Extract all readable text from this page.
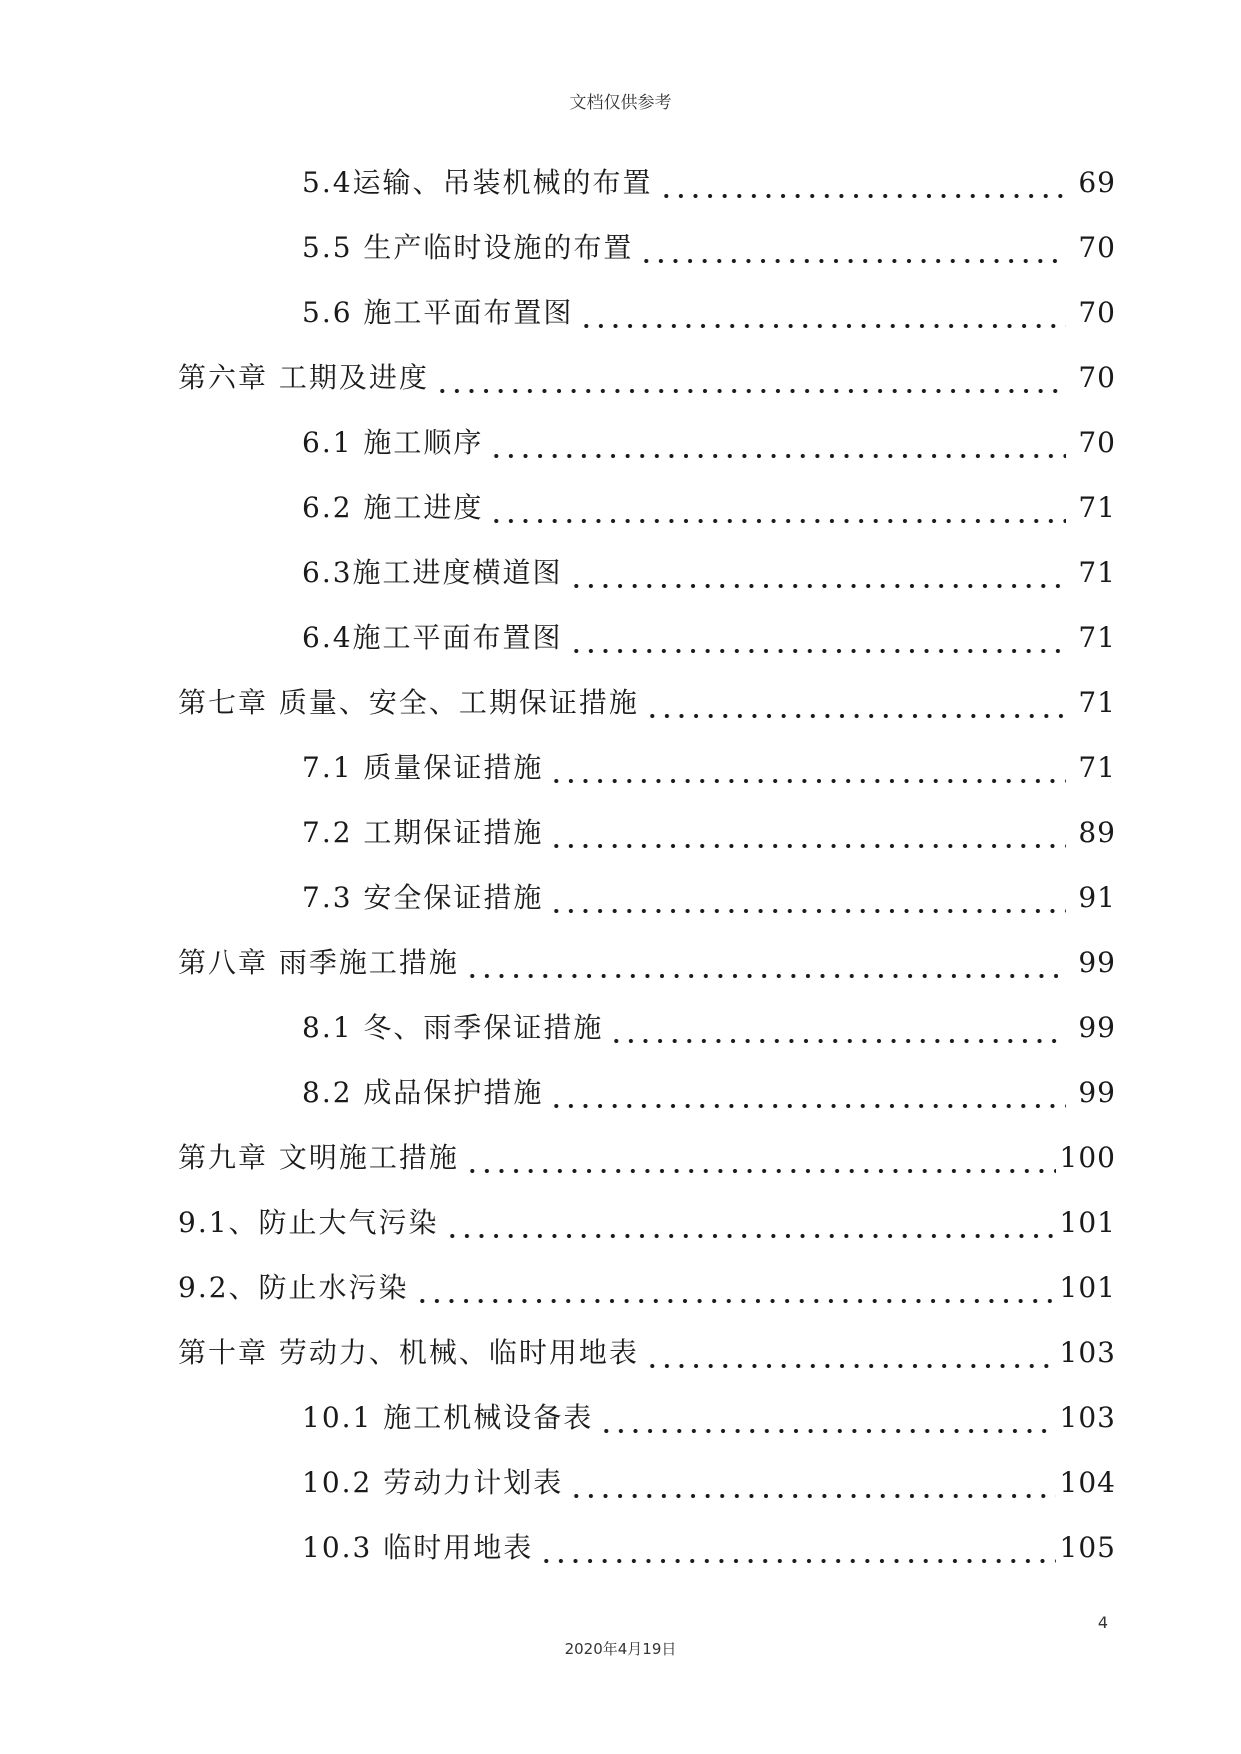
文档仅供参考
5.4运输、吊装机械的布置	69
5.5 生产临时设施的布置	70
5.6 施工平面布置图	70
第六章 工期及进度	70
6.1 施工顺序	70
6.2 施工进度	71
6.3施工进度横道图	71
6.4施工平面布置图	71
第七章 质量、安全、工期保证措施	71
7.1 质量保证措施	71
7.2 工期保证措施	89
7.3 安全保证措施	91
第八章 雨季施工措施	99
8.1 冬、雨季保证措施	99
8.2 成品保护措施	99
第九章 文明施工措施	100
9.1、防止大气污染	101
9.2、防止水污染	101
第十章 劳动力、机械、临时用地表	103
10.1 施工机械设备表	103
10.2 劳动力计划表	104
10.3 临时用地表	105
4
2020年4月19日
